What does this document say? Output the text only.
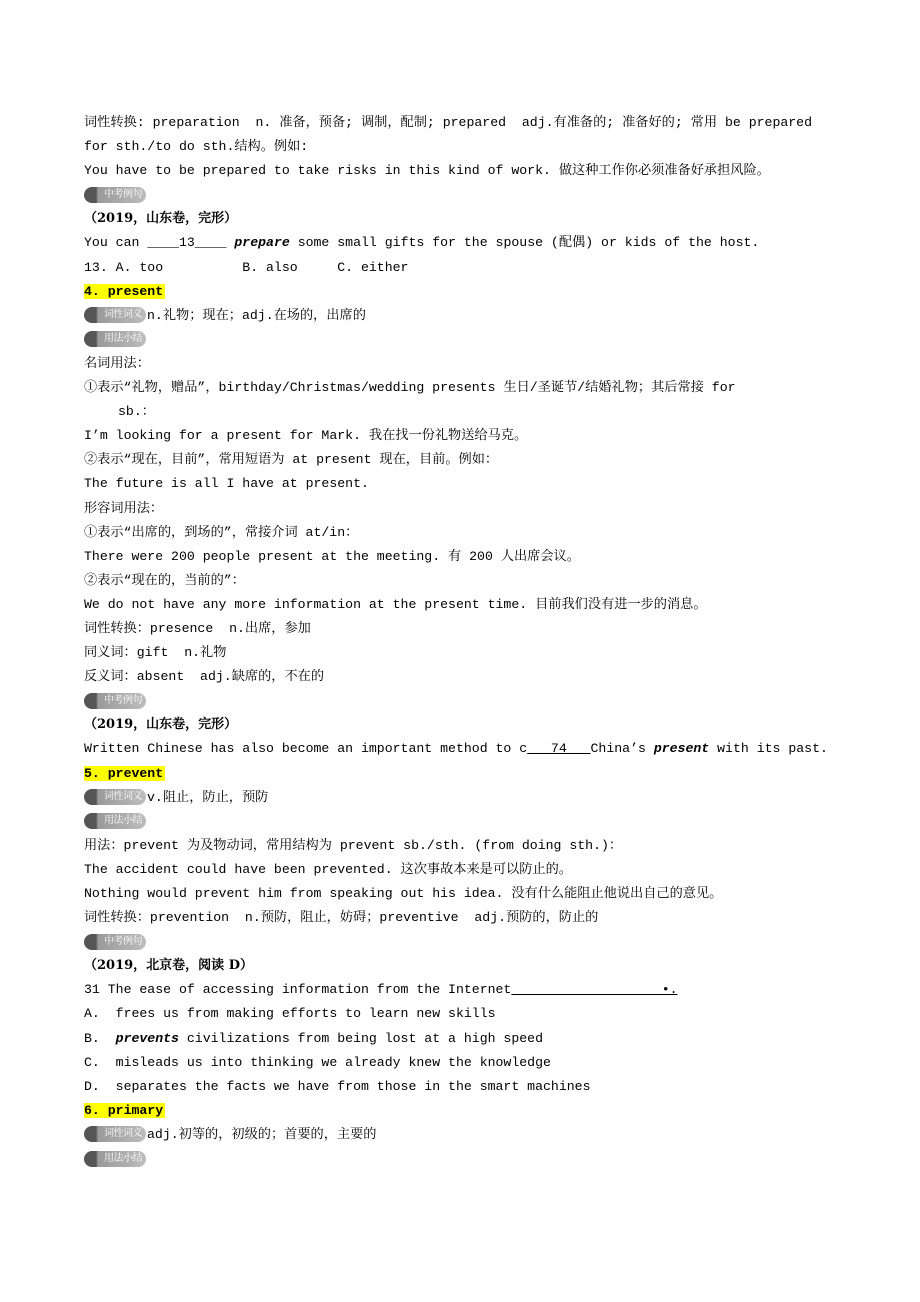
词性转换: preparation  n. 准备，预备; 调制，配制; prepared  adj.有准备的; 准备好的; 常用 be prepared
for sth./to do sth.结构。例如:
You have to be prepared to take risks in this kind of work. 做这种工作你必须准备好承担风险。
中考例句
（2019，山东卷，完形）
You can ____13____ prepare some small gifts for the spouse (配偶) or kids of the host.
13. A. too          B. also     C. either
4. present
词性词义 n.礼物；现在；adj.在场的，出席的
用法小结
名词用法：
①表示“礼物，赠品”，birthday/Christmas/wedding presents 生日/圣诞节/结婚礼物；其后常接 for
sb.：
I’m looking for a present for Mark. 我在找一份礼物送给马克。
②表示“现在，目前”，常用短语为 at present 现在，目前。例如：
The future is all I have at present.
形容词用法：
①表示“出席的，到场的”，常接介词 at/in：
There were 200 people present at the meeting. 有 200 人出席会议。
②表示“现在的，当前的”：
We do not have any more information at the present time. 目前我们没有进一步的消息。
词性转换：presence  n.出席，参加
同义词：gift  n.礼物
反义词：absent  adj.缺席的，不在的
中考例句
（2019，山东卷，完形）
Written Chinese has also become an important method to c   74   China’s present with its past.
5. prevent
词性词义 v.阻止，防止，预防
用法小结
用法：prevent 为及物动词，常用结构为 prevent sb./sth. (from doing sth.)：
The accident could have been prevented. 这次事故本来是可以防止的。
Nothing would prevent him from speaking out his idea. 没有什么能阻止他说出自己的意见。
词性转换：prevention  n.预防，阻止，妨碍；preventive  adj.预防的，防止的
中考例句
（2019，北京卷，阅读 D）
31 The ease of accessing information from the Internet                   •.
A.  frees us from making efforts to learn new skills
B.  prevents civilizations from being lost at a high speed
C.  misleads us into thinking we already knew the knowledge
D.  separates the facts we have from those in the smart machines
6. primary
词性词义 adj.初等的，初级的；首要的，主要的
用法小结
